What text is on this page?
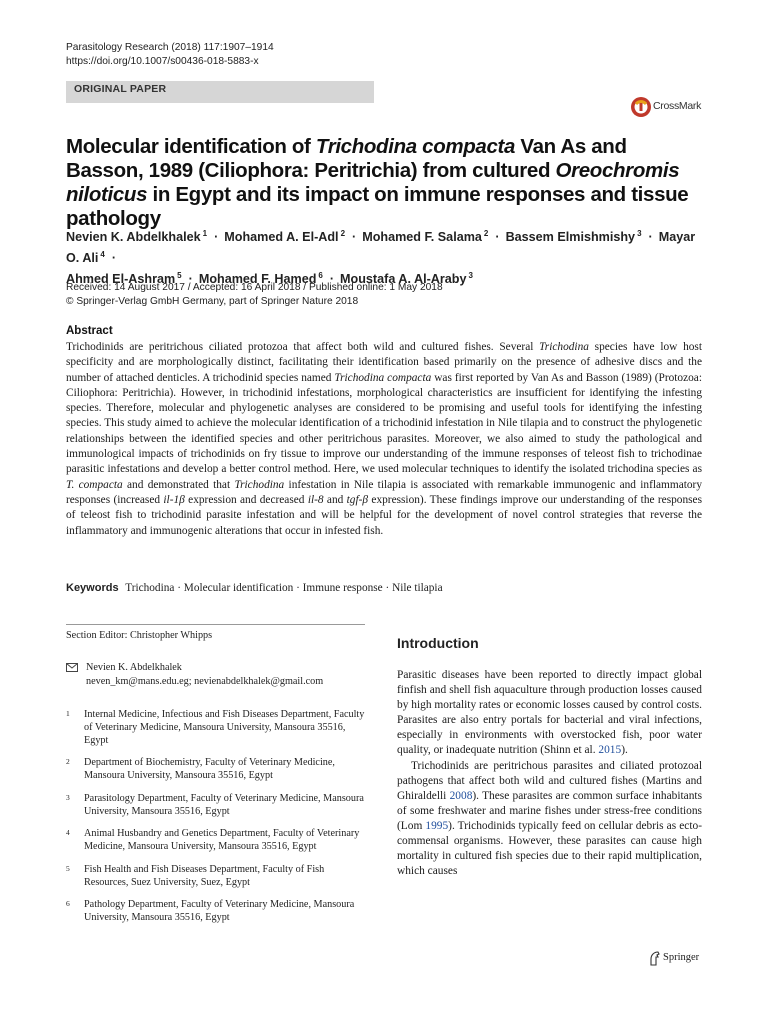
Parasitology Research (2018) 117:1907–1914
https://doi.org/10.1007/s00436-018-5883-x
ORIGINAL PAPER
CrossMark
Molecular identification of Trichodina compacta Van As and Basson, 1989 (Ciliophora: Peritrichia) from cultured Oreochromis niloticus in Egypt and its impact on immune responses and tissue pathology
Nevien K. Abdelkhalek $^1$ · Mohamed A. El-Adl $^2$ · Mohamed F. Salama $^2$ · Bassem Elmishmishy $^3$ · Mayar O. Ali $^4$ ·
Ahmed El-Ashram $^5$ · Mohamed F. Hamed $^6$ · Moustafa A. Al-Araby $^3$
Received: 14 August 2017 / Accepted: 16 April 2018 / Published online: 1 May 2018
© Springer-Verlag GmbH Germany, part of Springer Nature 2018
Abstract
Trichodinids are peritrichous ciliated protozoa that affect both wild and cultured fishes. Several Trichodina species have low host specificity and are morphologically distinct, facilitating their identification based primarily on the presence of adhesive discs and the number of attached denticles. A trichodinid species named Trichodina compacta was first reported by Van As and Basson (1989) (Protozoa: Ciliophora: Peritrichia). However, in trichodinid infestations, morphological characteristics are insufficient for identifying the infesting species. Therefore, molecular and phylogenetic analyses are considered to be promising and useful tools for identifying the infesting species. This study aimed to achieve the molecular identification of a trichodinid infestation in Nile tilapia and to construct the phylogenetic relationships between the identified species and other peritrichous parasites. Moreover, we also aimed to study the pathological and immunological impacts of trichodinids on fry tissue to improve our understanding of the immune responses of teleost fish to trichodinae parasitic infestations and develop a better control method. Here, we used molecular techniques to identify the isolated trichodina species as T. compacta and demonstrated that Trichodina infestation in Nile tilapia is associated with remarkable immunogenic and inflammatory responses (increased il-1β expression and decreased il-8 and tgf-β expression). These findings improve our understanding of the responses of teleost fish to trichodinid parasite infestation and will be helpful for the development of novel control strategies that reverse the inflammatory and immunogenic alterations that occur in infested fish.
Keywords Trichodina · Molecular identification · Immune response · Nile tilapia
Section Editor: Christopher Whipps
Nevien K. Abdelkhalek
neven_km@mans.edu.eg; nevienabdelkhalek@gmail.com
1 Internal Medicine, Infectious and Fish Diseases Department, Faculty of Veterinary Medicine, Mansoura University, Mansoura 35516, Egypt
2 Department of Biochemistry, Faculty of Veterinary Medicine, Mansoura University, Mansoura 35516, Egypt
3 Parasitology Department, Faculty of Veterinary Medicine, Mansoura University, Mansoura 35516, Egypt
4 Animal Husbandry and Genetics Department, Faculty of Veterinary Medicine, Mansoura University, Mansoura 35516, Egypt
5 Fish Health and Fish Diseases Department, Faculty of Fish Resources, Suez University, Suez, Egypt
6 Pathology Department, Faculty of Veterinary Medicine, Mansoura University, Mansoura 35516, Egypt
Introduction

Parasitic diseases have been reported to directly impact global finfish and shell fish aquaculture through production losses caused by high mortality rates or economic losses caused by control costs. Parasites are also entry portals for bacterial and viral infections, especially in environments with overstocked fish, poor water quality, or inadequate nutrition (Shinn et al. 2015).

Trichodinids are peritrichous parasites and ciliated protozoal pathogens that affect both wild and cultured fishes (Martins and Ghiraldelli 2008). These parasites are common surface inhabitants of some freshwater and marine fishes under stress-free conditions (Lom 1995). Trichodinids typically feed on cellular debris as ecto-commensal organisms. However, these parasites can cause high mortality in cultured fish species due to their rapid multiplication, which causes

Springer
